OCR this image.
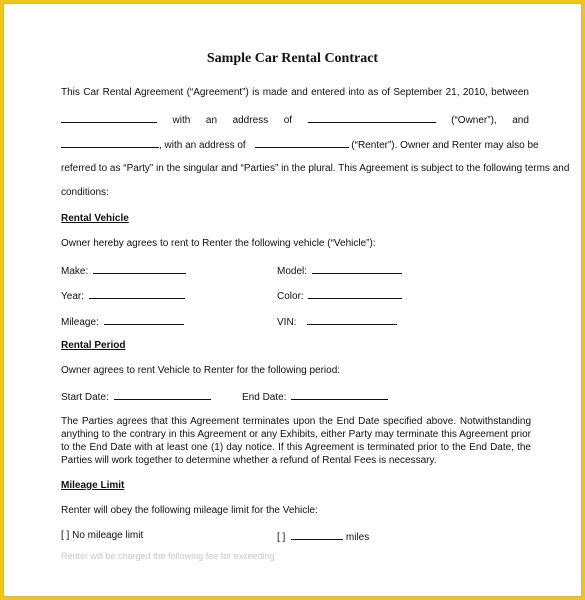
Sample Car Rental Contract
This Car Rental Agreement (“Agreement”) is made and entered into as of September 21, 2010, between
with an address of	(“Owner”), and
, with an address of	(“Renter”). Owner and Renter may also be
referred to as “Party” in the singular and “Parties” in the plural. This Agreement is subject to the following terms and
conditions:
Rental Vehicle
Owner hereby agrees to rent to Renter the following vehicle (“Vehicle”):
Make:	Model:
Year:	Color:
Mileage:	VIN:
Rental Period
Owner agrees to rent Vehicle to Renter for the following period:
Start Date:	End Date:
The Parties agrees that this Agreement terminates upon the End Date specified above. Notwithstanding anything to the contrary in this Agreement or any Exhibits, either Party may terminate this Agreement prior to the End Date with at least one (1) day notice. If this Agreement is terminated prior to the End Date, the Parties will work together to determine whether a refund of Rental Fees is necessary.
Mileage Limit
Renter will obey the following mileage limit for the Vehicle:
[ ] No mileage limit	[ ]	miles
Renter will be charged the following fee for exceeding
